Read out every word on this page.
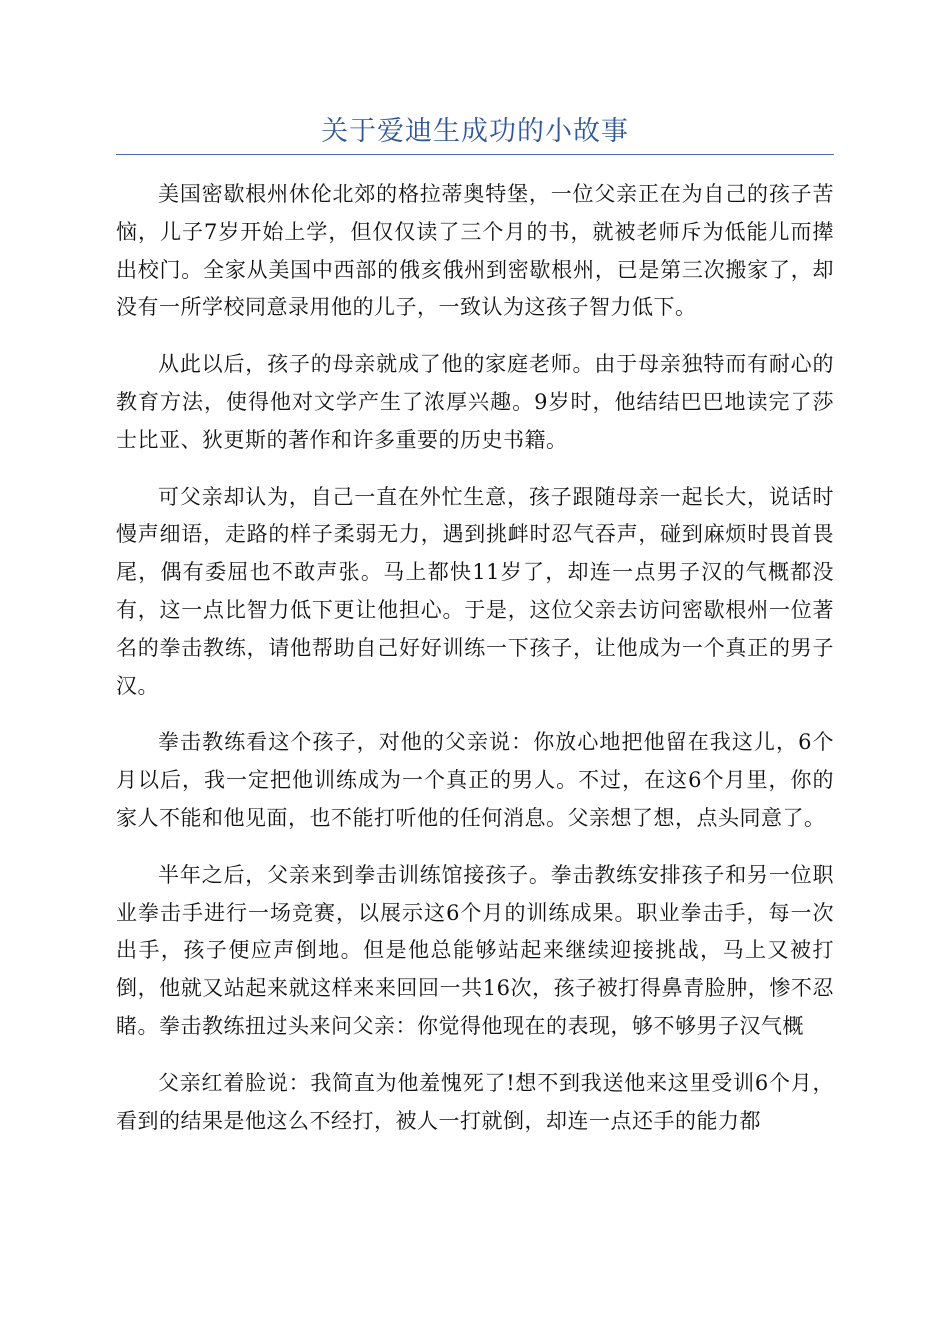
关于爱迪生成功的小故事

美国密歇根州休伦北郊的格拉蒂奥特堡，一位父亲正在为自己的孩子苦恼，儿子7岁开始上学，但仅仅读了三个月的书，就被老师斥为低能儿而撵出校门。全家从美国中西部的俄亥俄州到密歇根州，已是第三次搬家了，却没有一所学校同意录用他的儿子，一致认为这孩子智力低下。

从此以后，孩子的母亲就成了他的家庭老师。由于母亲独特而有耐心的教育方法，使得他对文学产生了浓厚兴趣。9岁时，他结结巴巴地读完了莎士比亚、狄更斯的著作和许多重要的历史书籍。

可父亲却认为，自己一直在外忙生意，孩子跟随母亲一起长大，说话时慢声细语，走路的样子柔弱无力，遇到挑衅时忍气吞声，碰到麻烦时畏首畏尾，偶有委屈也不敢声张。马上都快11岁了，却连一点男子汉的气概都没有，这一点比智力低下更让他担心。于是，这位父亲去访问密歇根州一位著名的拳击教练，请他帮助自己好好训练一下孩子，让他成为一个真正的男子汉。

拳击教练看这个孩子，对他的父亲说：你放心地把他留在我这儿，6个月以后，我一定把他训练成为一个真正的男人。不过，在这6个月里，你的家人不能和他见面，也不能打听他的任何消息。父亲想了想，点头同意了。

半年之后，父亲来到拳击训练馆接孩子。拳击教练安排孩子和另一位职业拳击手进行一场竞赛，以展示这6个月的训练成果。职业拳击手，每一次出手，孩子便应声倒地。但是他总能够站起来继续迎接挑战，马上又被打倒，他就又站起来就这样来来回回一共16次，孩子被打得鼻青脸肿，惨不忍睹。拳击教练扭过头来问父亲：你觉得他现在的表现，够不够男子汉气概

父亲红着脸说：我简直为他羞愧死了!想不到我送他来这里受训6个月，看到的结果是他这么不经打，被人一打就倒，却连一点还手的能力都
